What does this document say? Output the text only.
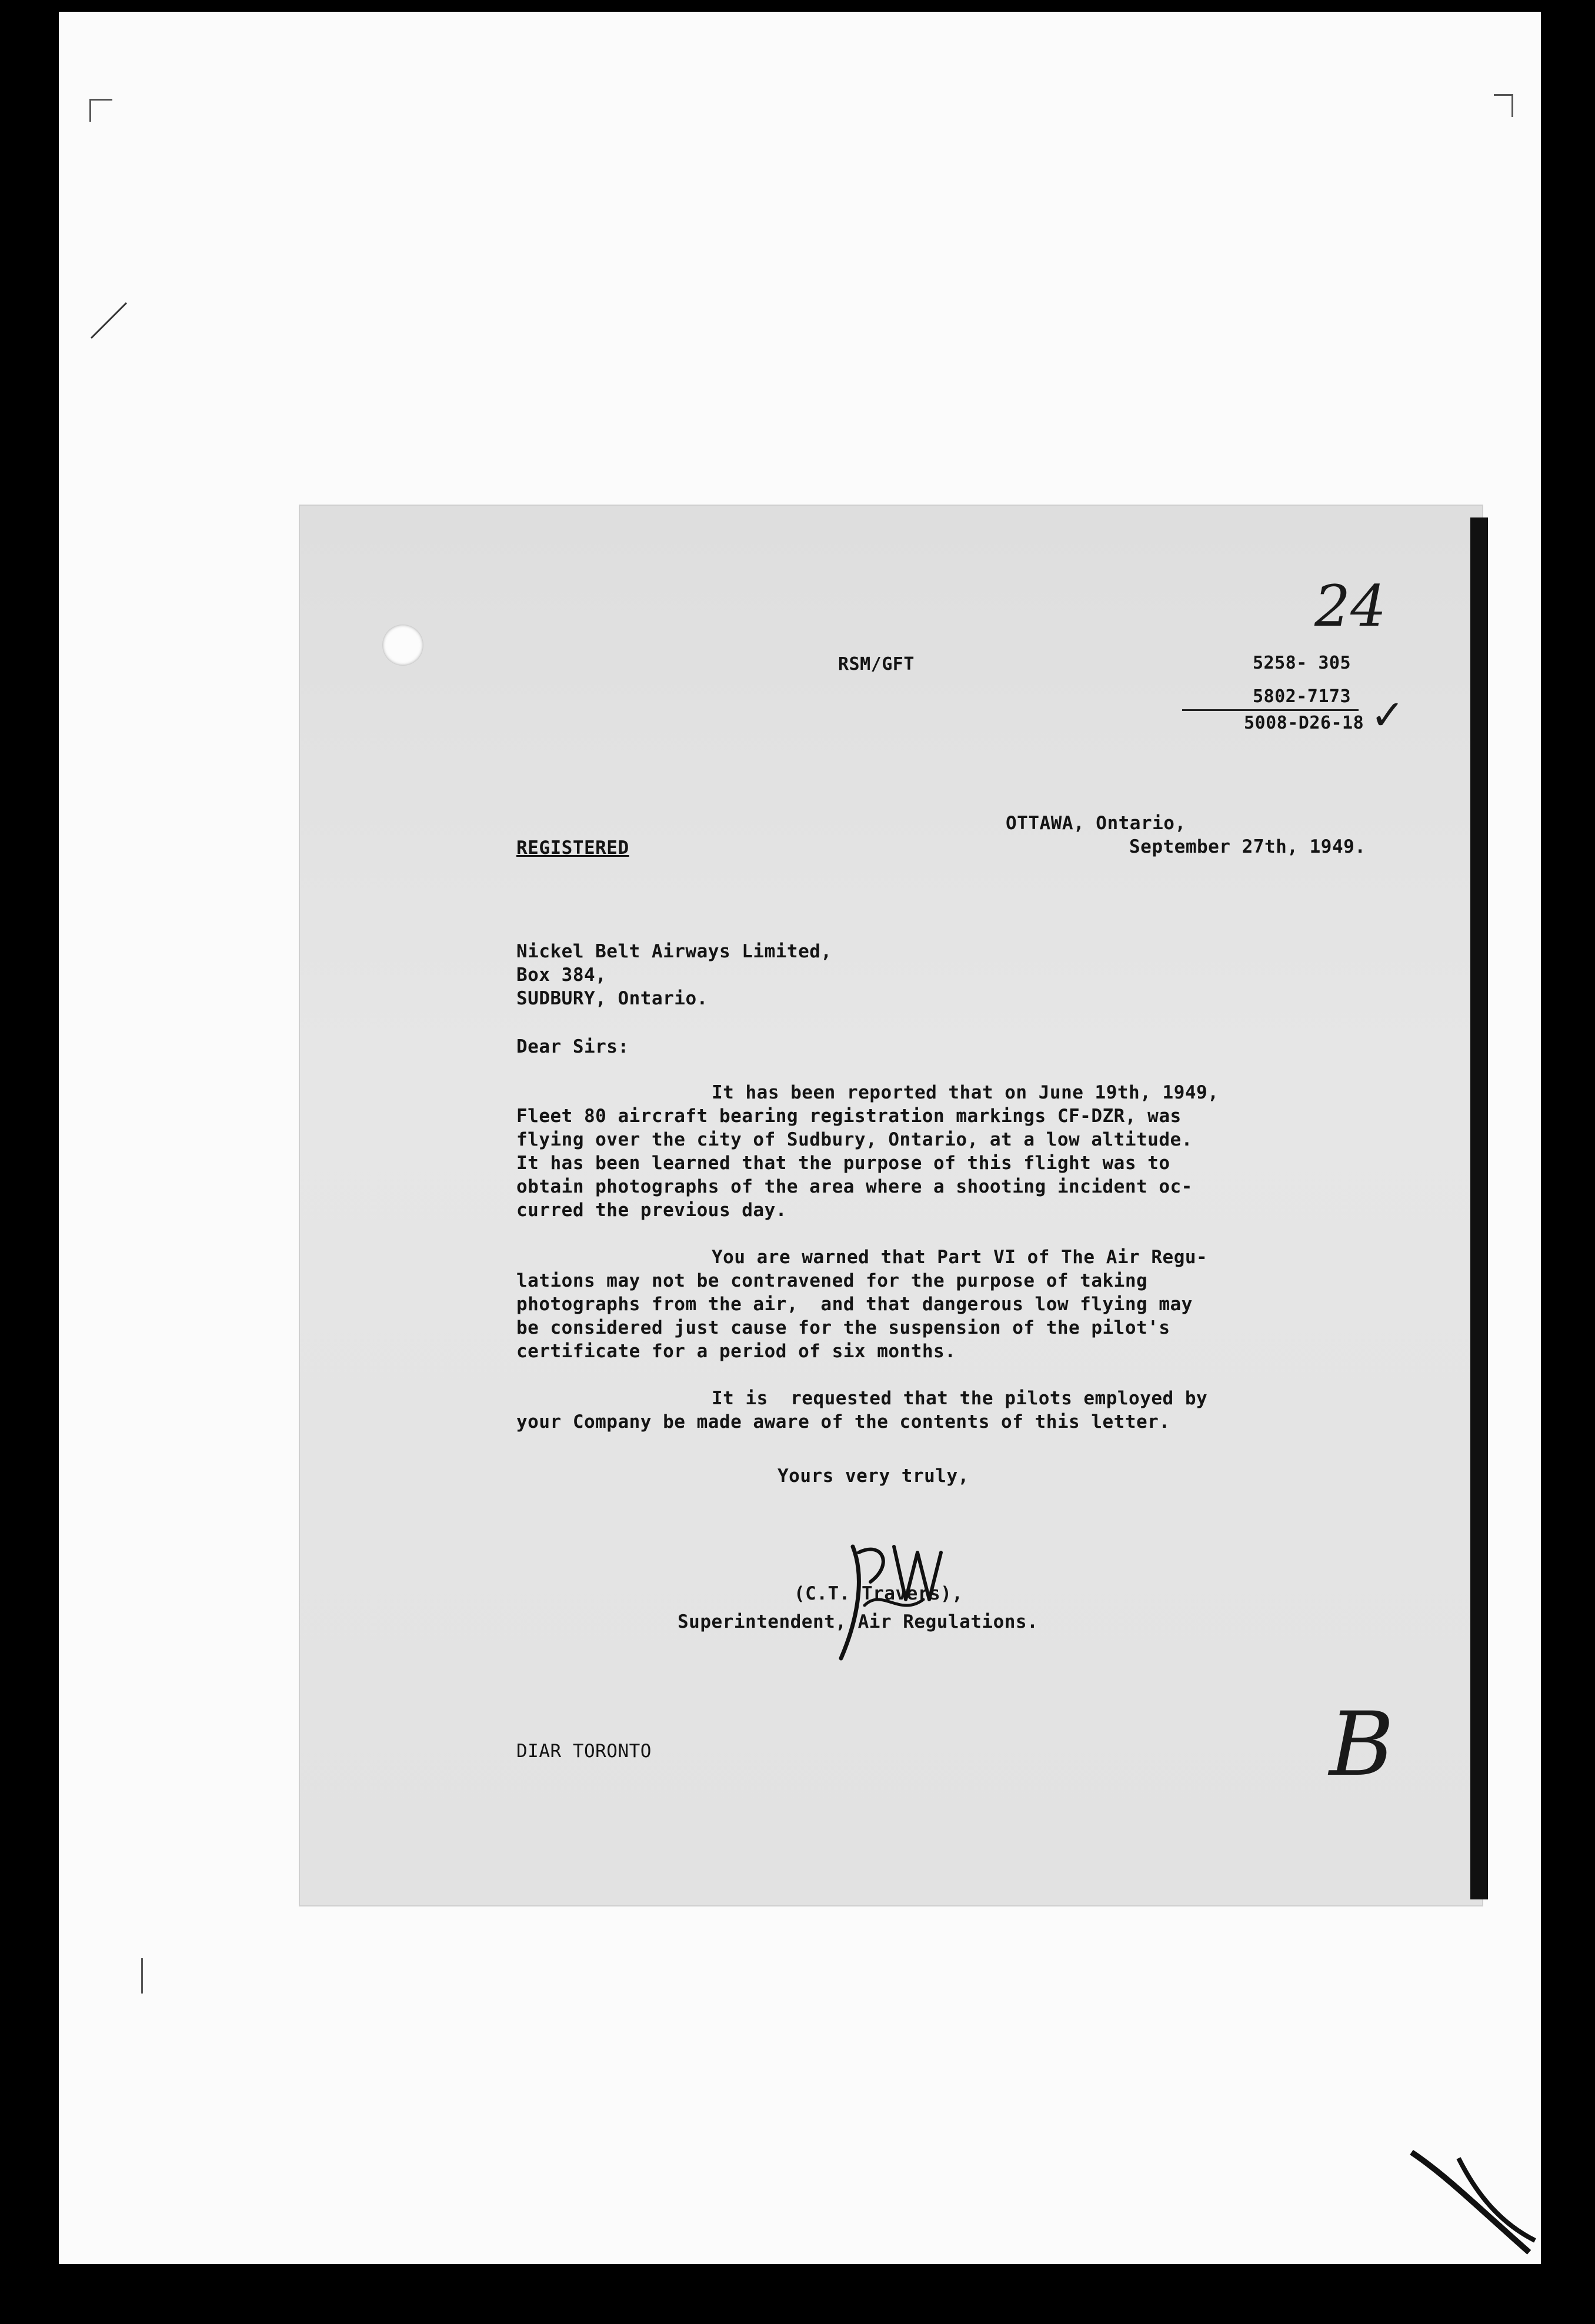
RSM/GFT
24
5258- 305
5802-7173
5008-D26-18 ✓
OTTAWA, Ontario,
September 27th, 1949.
REGISTERED
Nickel Belt Airways Limited,
Box 384,
SUDBURY, Ontario.
Dear Sirs:
It has been reported that on June 19th, 1949,
Fleet 80 aircraft bearing registration markings CF-DZR, was
flying over the city of Sudbury, Ontario, at a low altitude.
It has been learned that the purpose of this flight was to
obtain photographs of the area where a shooting incident oc-
curred the previous day.
You are warned that Part VI of The Air Regu-
lations may not be contravened for the purpose of taking
photographs from the air,  and that dangerous low flying may
be considered just cause for the suspension of the pilot's
certificate for a period of six months.
It is  requested that the pilots employed by
your Company be made aware of the contents of this letter.
Yours very truly,
(C.T. Travers),
Superintendent, Air Regulations.
DIAR TORONTO	B
